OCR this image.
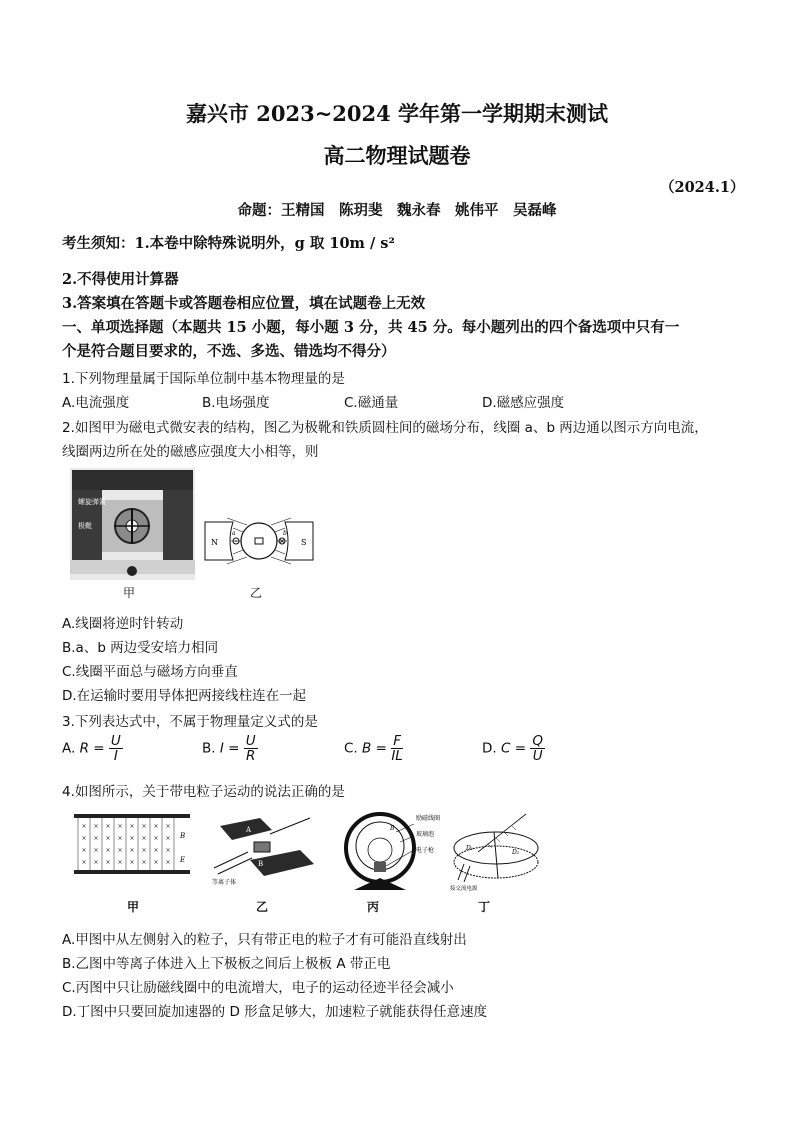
嘉兴市 2023~2024 学年第一学期期末测试
高二物理试题卷
（2024.1）
命题：王精国　陈玥斐　魏永春　姚伟平　吴磊峰
考生须知：1.本卷中除特殊说明外，g 取 10m / s²
2.不得使用计算器
3.答案填在答题卡或答题卷相应位置，填在试题卷上无效
一、单项选择题（本题共 15 小题，每小题 3 分，共 45 分。每小题列出的四个备选项中只有一
个是符合题目要求的，不选、多选、错选均不得分）
1.下列物理量属于国际单位制中基本物理量的是
A.电流强度	B.电场强度	C.磁通量	D.磁感应强度
2.如图甲为磁电式微安表的结构，图乙为极靴和铁质圆柱间的磁场分布，线圈 a、b 两边通以图示方向电流，
线圈两边所在处的磁感应强度大小相等，则
螺旋弹簧
极靴
甲
N	S
a	b
乙
A.线圈将逆时针转动
B.a、b 两边受安培力相同
C.线圈平面总与磁场方向垂直
D.在运输时要用导体把两接线柱连在一起
3.下列表达式中，不属于物理量定义式的是
A. $R = \frac{U}{I}$	B. $I = \frac{U}{R}$	C. $B = \frac{F}{IL}$	D. $C = \frac{Q}{U}$
4.如图所示，关于带电粒子运动的说法正确的是
× × × × × × × ×
× × × × × × × ×
× × × × × × × ×
× × × × × × × ×
B
E
甲
A
B
等离子体
乙
励磁线圈
玻璃泡
电子枪
B
丙
D₁
D₂
接交流电源
丁
A.甲图中从左侧射入的粒子，只有带正电的粒子才有可能沿直线射出
B.乙图中等离子体进入上下极板之间后上极板 A 带正电
C.丙图中只让励磁线圈中的电流增大，电子的运动径迹半径会减小
D.丁图中只要回旋加速器的 D 形盒足够大，加速粒子就能获得任意速度
